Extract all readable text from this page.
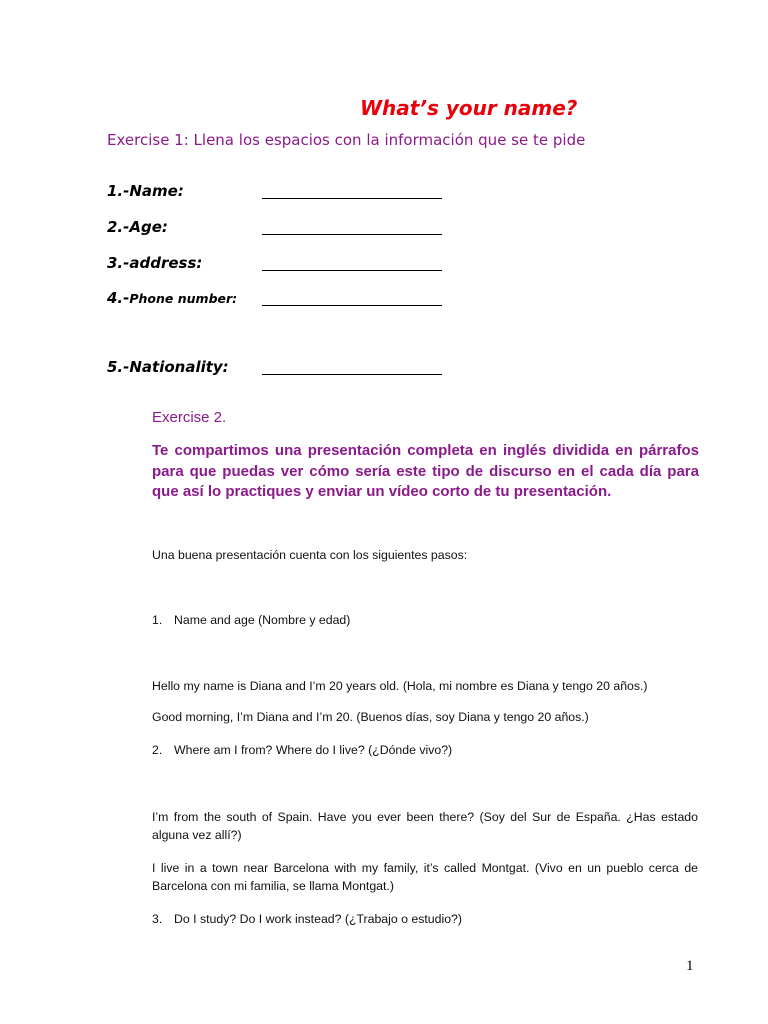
What’s your name?
Exercise 1: Llena los espacios con la información que se te pide
1.-Name:
2.-Age:
3.-address:
4.-Phone number:
5.-Nationality:
Exercise 2.
Te compartimos una presentación completa en inglés dividida en párrafos
para que puedas ver cómo sería este tipo de discurso en el cada día para
que así lo practiques y enviar un vídeo corto de tu presentación.
Una buena presentación cuenta con los siguientes pasos:
1. Name and age (Nombre y edad)
Hello my name is Diana and I’m 20 years old. (Hola, mi nombre es Diana y tengo 20 años.)
Good morning, I’m Diana and I’m 20. (Buenos días, soy Diana y tengo 20 años.)
2. Where am I from? Where do I live? (¿Dónde vivo?)
I’m from the south of Spain. Have you ever been there? (Soy del Sur de España. ¿Has estado
alguna vez allí?)
I live in a town near Barcelona with my family, it’s called Montgat. (Vivo en un pueblo cerca de
Barcelona con mi familia, se llama Montgat.)
3. Do I study? Do I work instead? (¿Trabajo o estudio?)
1
